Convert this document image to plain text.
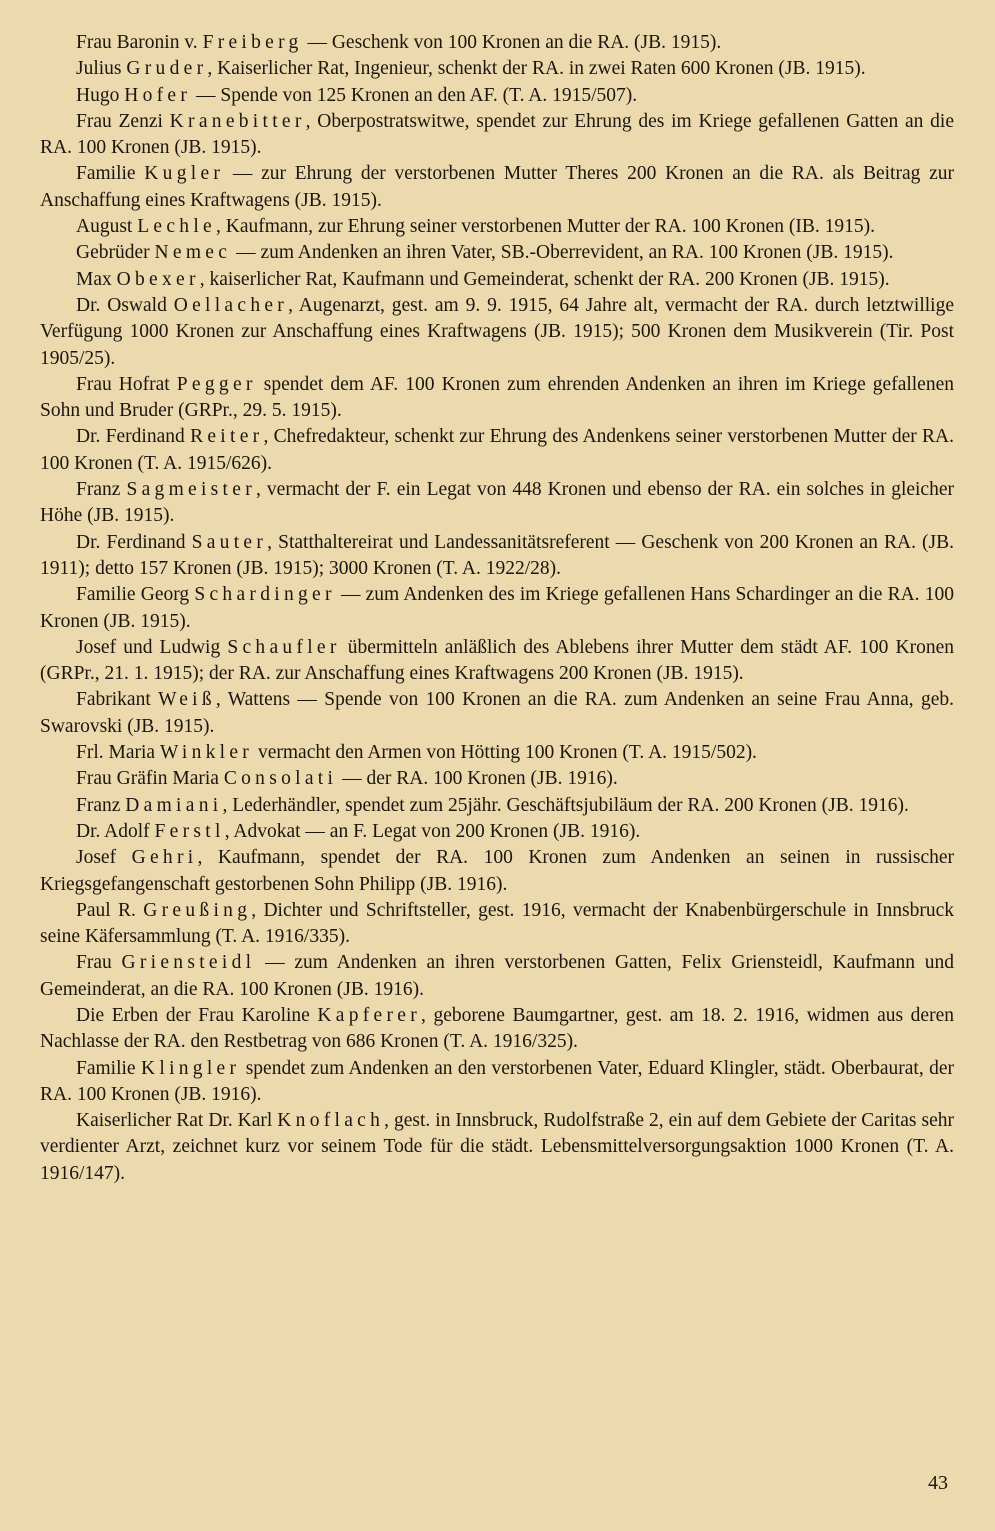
Frau Baronin v. Freiberg — Geschenk von 100 Kronen an die RA. (JB. 1915).

Julius Gruder, Kaiserlicher Rat, Ingenieur, schenkt der RA. in zwei Raten 600 Kronen (JB. 1915).

Hugo Hofer — Spende von 125 Kronen an den AF. (T. A. 1915/507).

Frau Zenzi Kranebitter, Oberpostratswitwe, spendet zur Ehrung des im Kriege gefallenen Gatten an die RA. 100 Kronen (JB. 1915).

Familie Kugler — zur Ehrung der verstorbenen Mutter Theres 200 Kronen an die RA. als Beitrag zur Anschaffung eines Kraftwagens (JB. 1915).

August Lechle, Kaufmann, zur Ehrung seiner verstorbenen Mutter der RA. 100 Kronen (IB. 1915).

Gebrüder Nemec — zum Andenken an ihren Vater, SB.-Oberrevident, an RA. 100 Kronen (JB. 1915).

Max Obexer, kaiserlicher Rat, Kaufmann und Gemeinderat, schenkt der RA. 200 Kronen (JB. 1915).

Dr. Oswald Oellacher, Augenarzt, gest. am 9. 9. 1915, 64 Jahre alt, vermacht der RA. durch letztwillige Verfügung 1000 Kronen zur Anschaffung eines Kraftwagens (JB. 1915); 500 Kronen dem Musikverein (Tir. Post 1905/25).

Frau Hofrat Pegger spendet dem AF. 100 Kronen zum ehrenden Andenken an ihren im Kriege gefallenen Sohn und Bruder (GRPr., 29. 5. 1915).

Dr. Ferdinand Reiter, Chefredakteur, schenkt zur Ehrung des Andenkens seiner verstorbenen Mutter der RA. 100 Kronen (T. A. 1915/626).

Franz Sagmeister, vermacht der F. ein Legat von 448 Kronen und ebenso der RA. ein solches in gleicher Höhe (JB. 1915).

Dr. Ferdinand Sauter, Statthaltereirat und Landessanitätsreferent — Geschenk von 200 Kronen an RA. (JB. 1911); detto 157 Kronen (JB. 1915); 3000 Kronen (T. A. 1922/28).

Familie Georg Schardinger — zum Andenken des im Kriege gefallenen Hans Schardinger an die RA. 100 Kronen (JB. 1915).

Josef und Ludwig Schaufler übermitteln anläßlich des Ablebens ihrer Mutter dem städt AF. 100 Kronen (GRPr., 21. 1. 1915); der RA. zur Anschaffung eines Kraftwagens 200 Kronen (JB. 1915).

Fabrikant Weiß, Wattens — Spende von 100 Kronen an die RA. zum Andenken an seine Frau Anna, geb. Swarovski (JB. 1915).

Frl. Maria Winkler vermacht den Armen von Hötting 100 Kronen (T. A. 1915/502).

Frau Gräfin Maria Consolati — der RA. 100 Kronen (JB. 1916).

Franz Damiani, Lederhändler, spendet zum 25jähr. Geschäftsjubiläum der RA. 200 Kronen (JB. 1916).

Dr. Adolf Ferstl, Advokat — an F. Legat von 200 Kronen (JB. 1916).

Josef Gehri, Kaufmann, spendet der RA. 100 Kronen zum Andenken an seinen in russischer Kriegsgefangenschaft gestorbenen Sohn Philipp (JB. 1916).

Paul R. Greußing, Dichter und Schriftsteller, gest. 1916, vermacht der Knabenbürgerschule in Innsbruck seine Käfersammlung (T. A. 1916/335).

Frau Griensteidl — zum Andenken an ihren verstorbenen Gatten, Felix Griensteidl, Kaufmann und Gemeinderat, an die RA. 100 Kronen (JB. 1916).

Die Erben der Frau Karoline Kapferer, geborene Baumgartner, gest. am 18. 2. 1916, widmen aus deren Nachlasse der RA. den Restbetrag von 686 Kronen (T. A. 1916/325).

Familie Klingler spendet zum Andenken an den verstorbenen Vater, Eduard Klingler, städt. Oberbaurat, der RA. 100 Kronen (JB. 1916).

Kaiserlicher Rat Dr. Karl Knoflach, gest. in Innsbruck, Rudolfstraße 2, ein auf dem Gebiete der Caritas sehr verdienter Arzt, zeichnet kurz vor seinem Tode für die städt. Lebensmittelversorgungsaktion 1000 Kronen (T. A. 1916/147).

43
